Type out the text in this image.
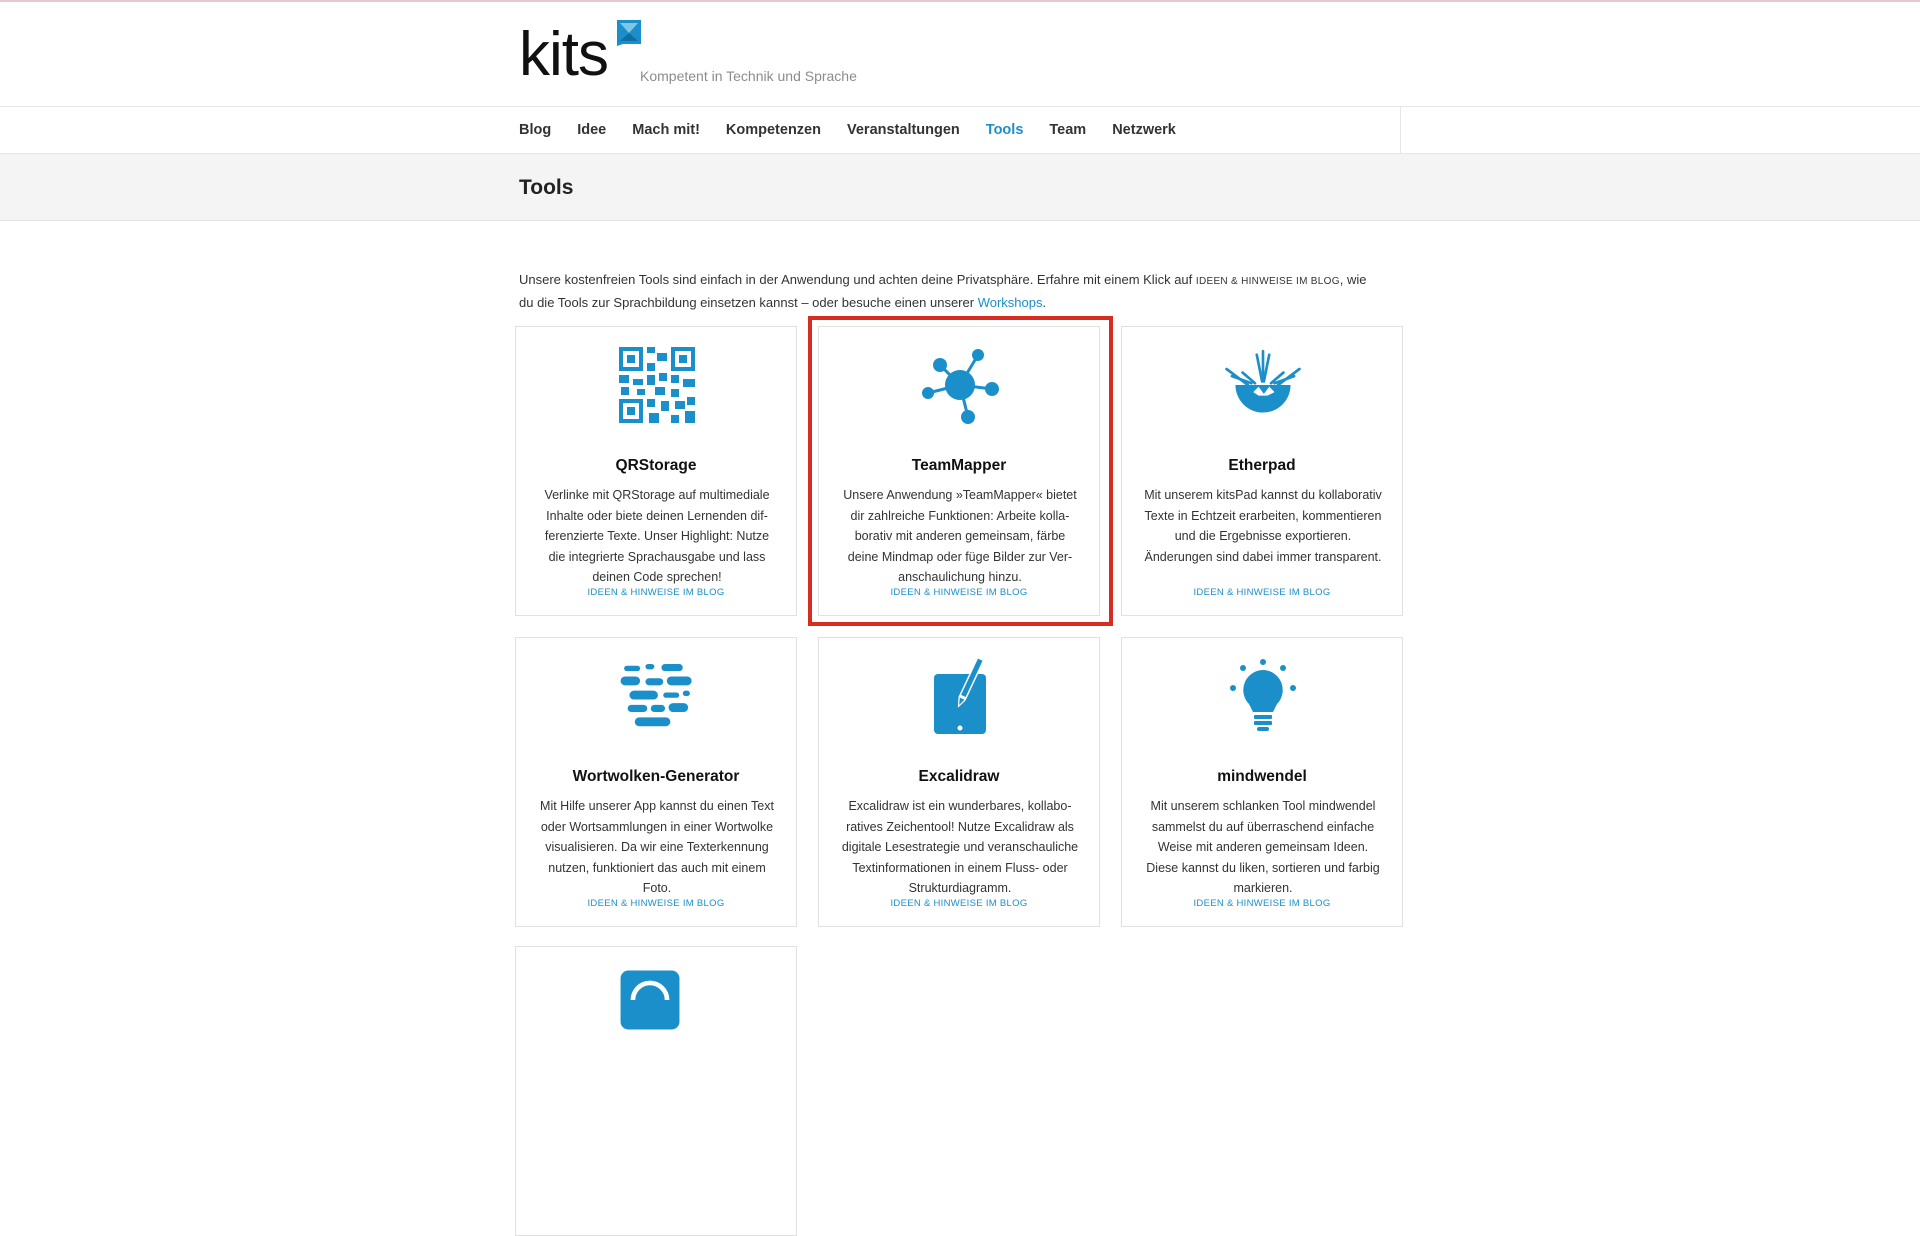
kits Kompetent in Technik und Sprache
Blog Idee Mach mit! Kompetenzen Veranstaltungen Tools Team Netzwerk
Tools

Unsere kostenfreien Tools sind einfach in der Anwendung und achten deine Privatsphäre. Erfahre mit einem Klick auf IDEEN & HINWEISE IM BLOG, wie du die Tools zur Sprachbildung einsetzen kannst – oder besuche einen unserer Workshops.

QRStorage
Verlinke mit QRStorage auf multimediale Inhalte oder biete deinen Lernenden differenzierte Texte. Unser Highlight: Nutze die integrierte Sprachausgabe und lass deinen Code sprechen!
IDEEN & HINWEISE IM BLOG
TeamMapper
Unsere Anwendung »TeamMapper« bietet dir zahlreiche Funktionen: Arbeite kollaborativ mit anderen gemeinsam, färbe deine Mindmap oder füge Bilder zur Veranschaulichung hinzu.
IDEEN & HINWEISE IM BLOG
Etherpad
Mit unserem kitsPad kannst du kollaborativ Texte in Echtzeit erarbeiten, kommentieren und die Ergebnisse exportieren. Änderungen sind dabei immer transparent.
IDEEN & HINWEISE IM BLOG
Wortwolken-Generator
Mit Hilfe unserer App kannst du einen Text oder Wortsammlungen in einer Wortwolke visualisieren. Da wir eine Texterkennung nutzen, funktioniert das auch mit einem Foto.
IDEEN & HINWEISE IM BLOG
Excalidraw
Excalidraw ist ein wunderbares, kollaboratives Zeichentool! Nutze Excalidraw als digitale Lesestrategie und veranschauliche Textinformationen in einem Fluss- oder Strukturdiagramm.
IDEEN & HINWEISE IM BLOG
mindwendel
Mit unserem schlanken Tool mindwendel sammelst du auf überraschend einfache Weise mit anderen gemeinsam Ideen. Diese kannst du liken, sortieren und farbig markieren.
IDEEN & HINWEISE IM BLOG
